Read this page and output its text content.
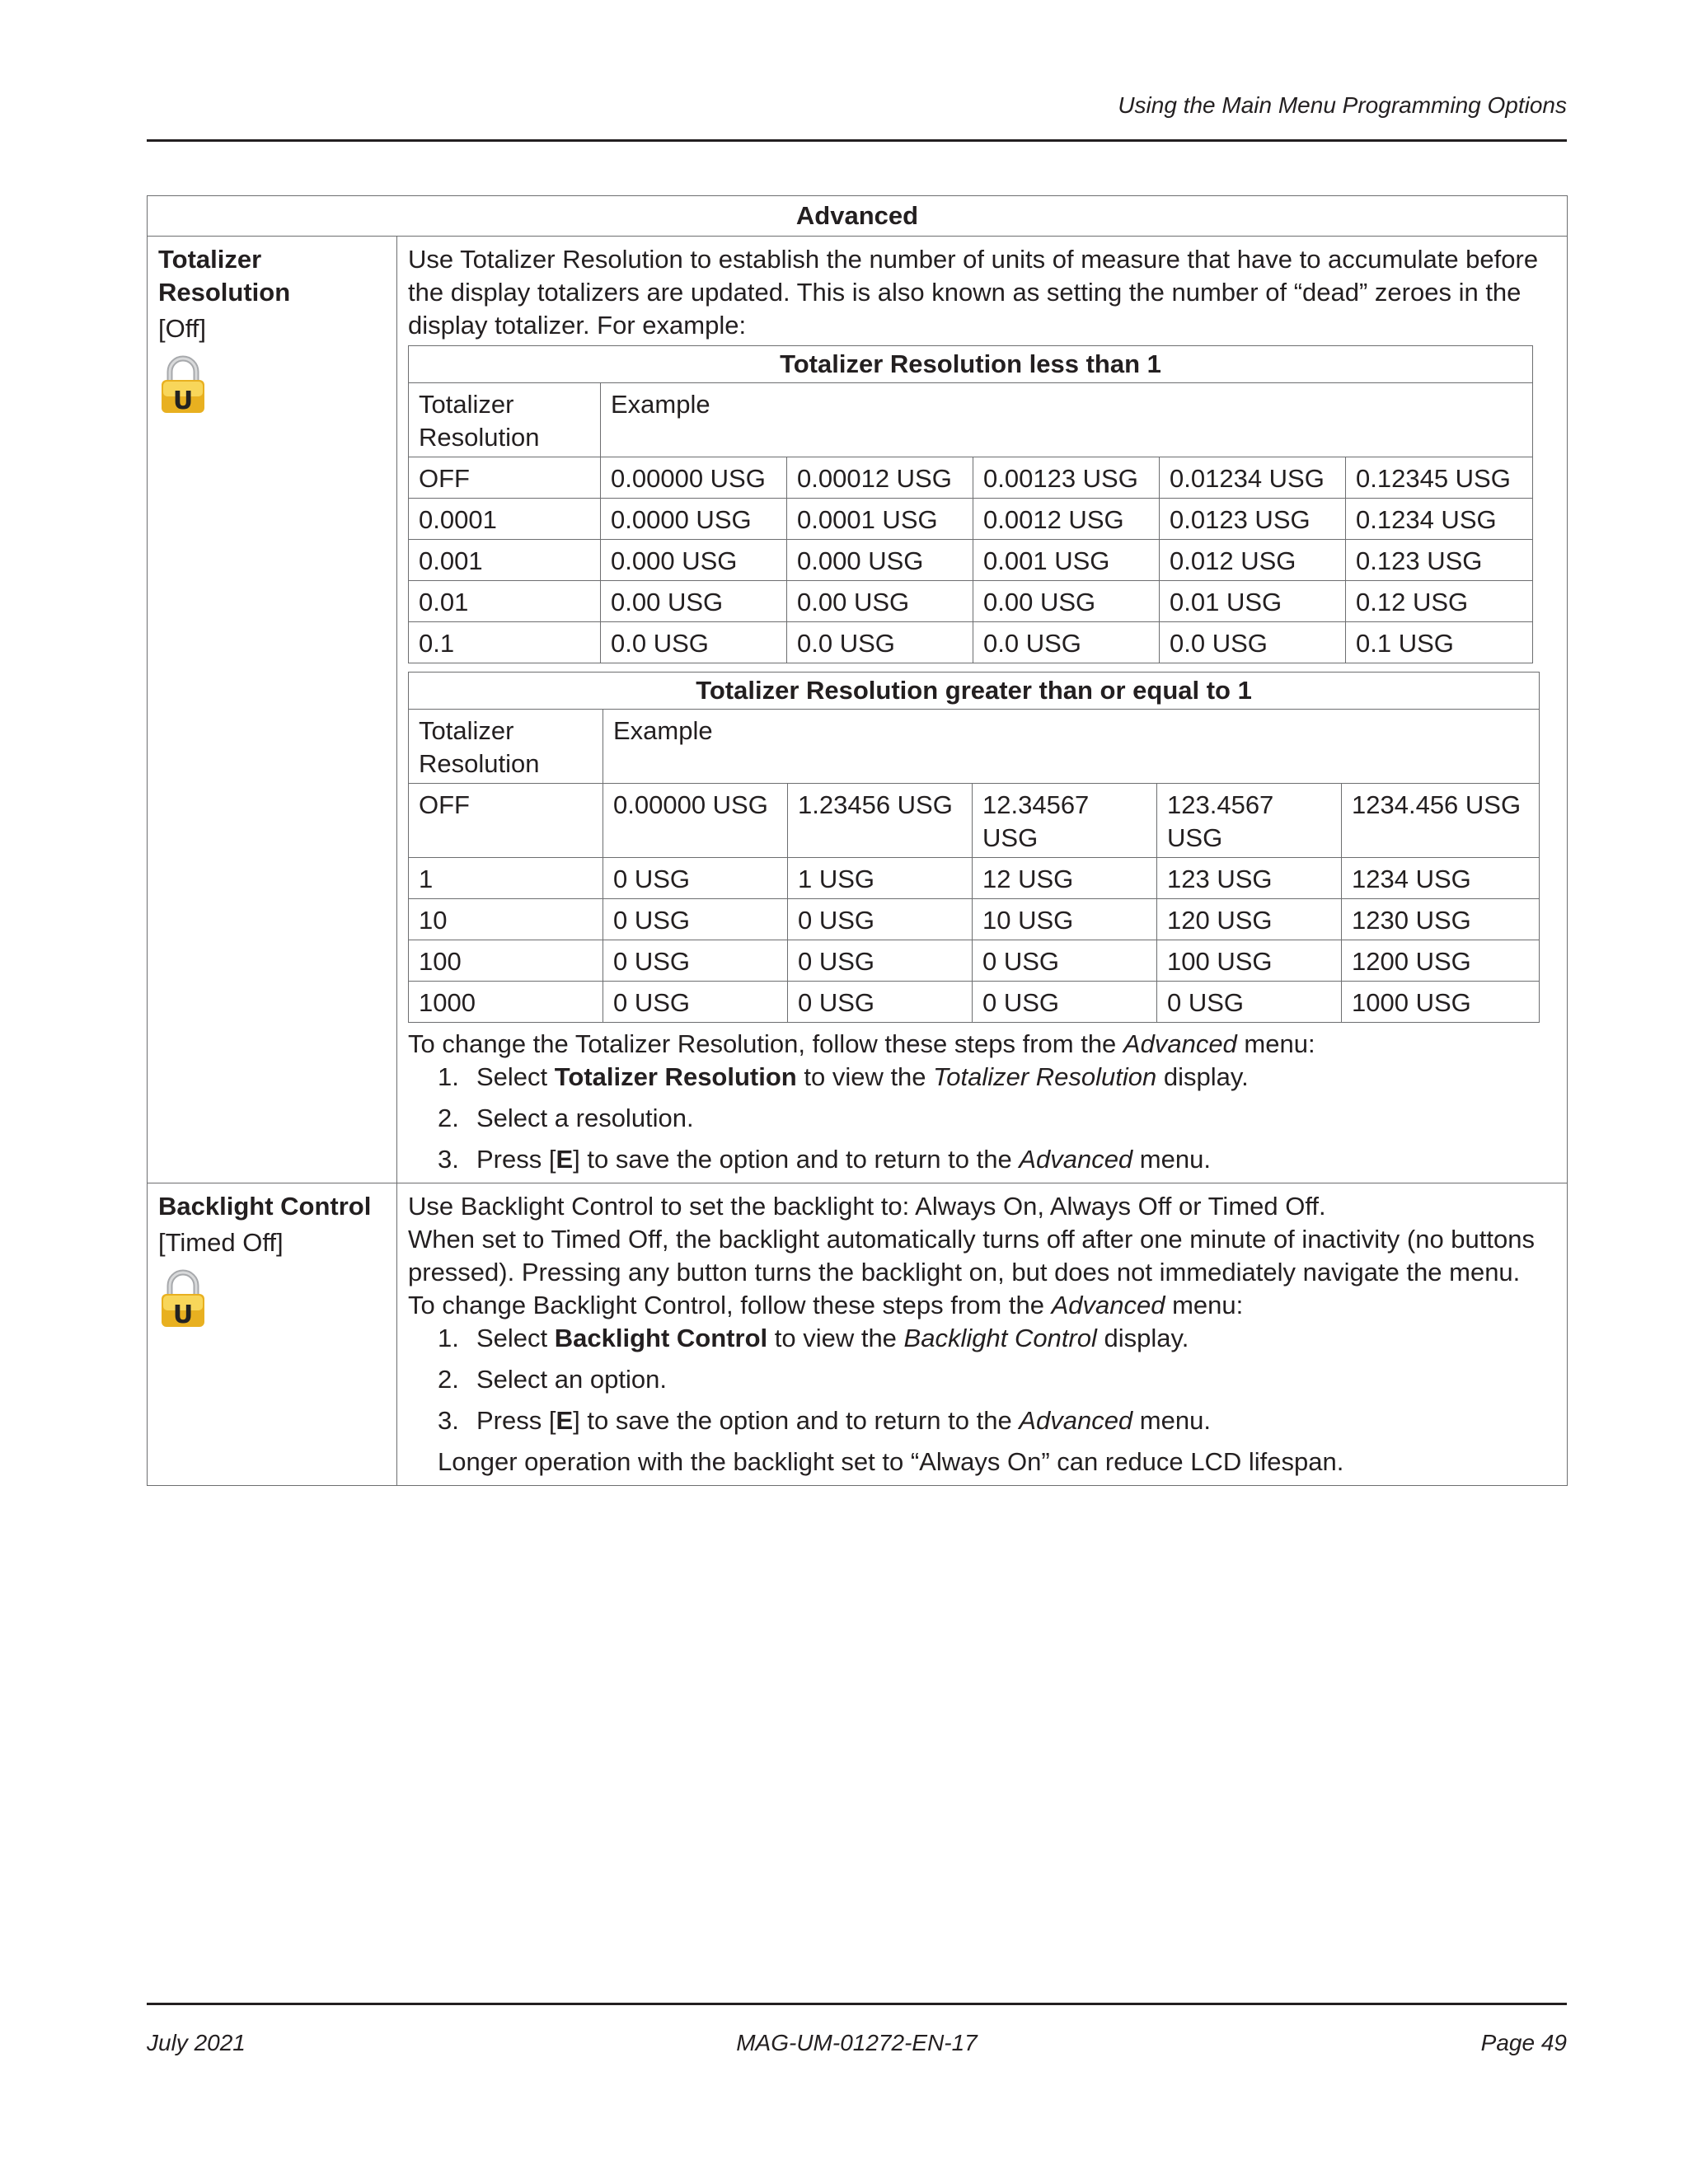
Using the Main Menu Programming Options
Advanced

Totalizer
Resolution
[Off]
U

Use Totalizer Resolution to establish the number of units of measure that have to accumulate before the display totalizers are updated. This is also known as setting the number of “dead” zeroes in the display totalizer. For example:

Totalizer Resolution less than 1
Totalizer Resolution	Example
OFF	0.00000 USG	0.00012 USG	0.00123 USG	0.01234 USG	0.12345 USG
0.0001	0.0000 USG	0.0001 USG	0.0012 USG	0.0123 USG	0.1234 USG
0.001	0.000 USG	0.000 USG	0.001 USG	0.012 USG	0.123 USG
0.01	0.00 USG	0.00 USG	0.00 USG	0.01 USG	0.12 USG
0.1	0.0 USG	0.0 USG	0.0 USG	0.0 USG	0.1 USG
Totalizer Resolution greater than or equal to 1
Totalizer Resolution	Example
OFF	0.00000 USG	1.23456 USG	12.34567 USG	123.4567 USG	1234.456 USG
1	0 USG	1 USG	12 USG	123 USG	1234 USG
10	0 USG	0 USG	10 USG	120 USG	1230 USG
100	0 USG	0 USG	0 USG	100 USG	1200 USG
1000	0 USG	0 USG	0 USG	0 USG	1000 USG

To change the Totalizer Resolution, follow these steps from the Advanced menu:

1. Select Totalizer Resolution to view the Totalizer Resolution display.
2. Select a resolution.
3. Press [E] to save the option and to return to the Advanced menu.

Backlight Control
[Timed Off]
U

Use Backlight Control to set the backlight to: Always On, Always Off or Timed Off.

When set to Timed Off, the backlight automatically turns off after one minute of inactivity (no buttons pressed). Pressing any button turns the backlight on, but does not immediately navigate the menu.

To change Backlight Control, follow these steps from the Advanced menu:

1. Select Backlight Control to view the Backlight Control display.
2. Select an option.
3. Press [E] to save the option and to return to the Advanced menu.
Longer operation with the backlight set to “Always On” can reduce LCD lifespan.
July 2021	MAG-UM-01272-EN-17	Page 49
